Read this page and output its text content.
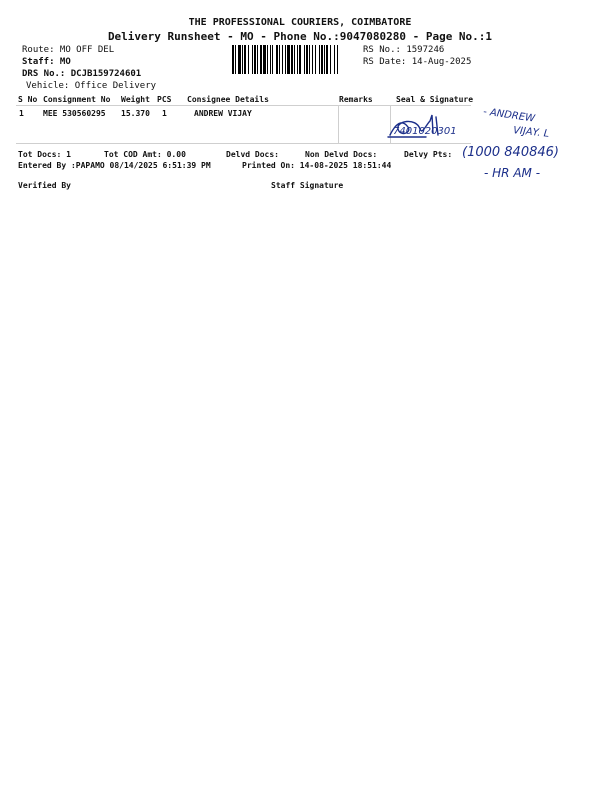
THE PROFESSIONAL COURIERS, COIMBATORE
Delivery Runsheet - MO - Phone No.:9047080280 - Page No.:1
Route: MO OFF DEL
Staff: MO
DRS No.: DCJB159724601
Vehicle: Office Delivery
RS No.: 1597246
RS Date: 14-Aug-2025
S No Consignment No Weight PCS Consignee Details	Remarks	Seal & Signature
1 MEE 530560295 15.370 1	ANDREW VIJAY
7401020301
- ANDREW
VIJAY. L
(1000 840846)
- HR AM -
Tot Docs: 1	Tot COD Amt: 0.00	Delvd Docs:	Non Delvd Docs:	Delvy Pts:
Entered By :PAPAMO 08/14/2025 6:51:39 PM	Printed On: 14-08-2025 18:51:44
Verified By	Staff Signature
